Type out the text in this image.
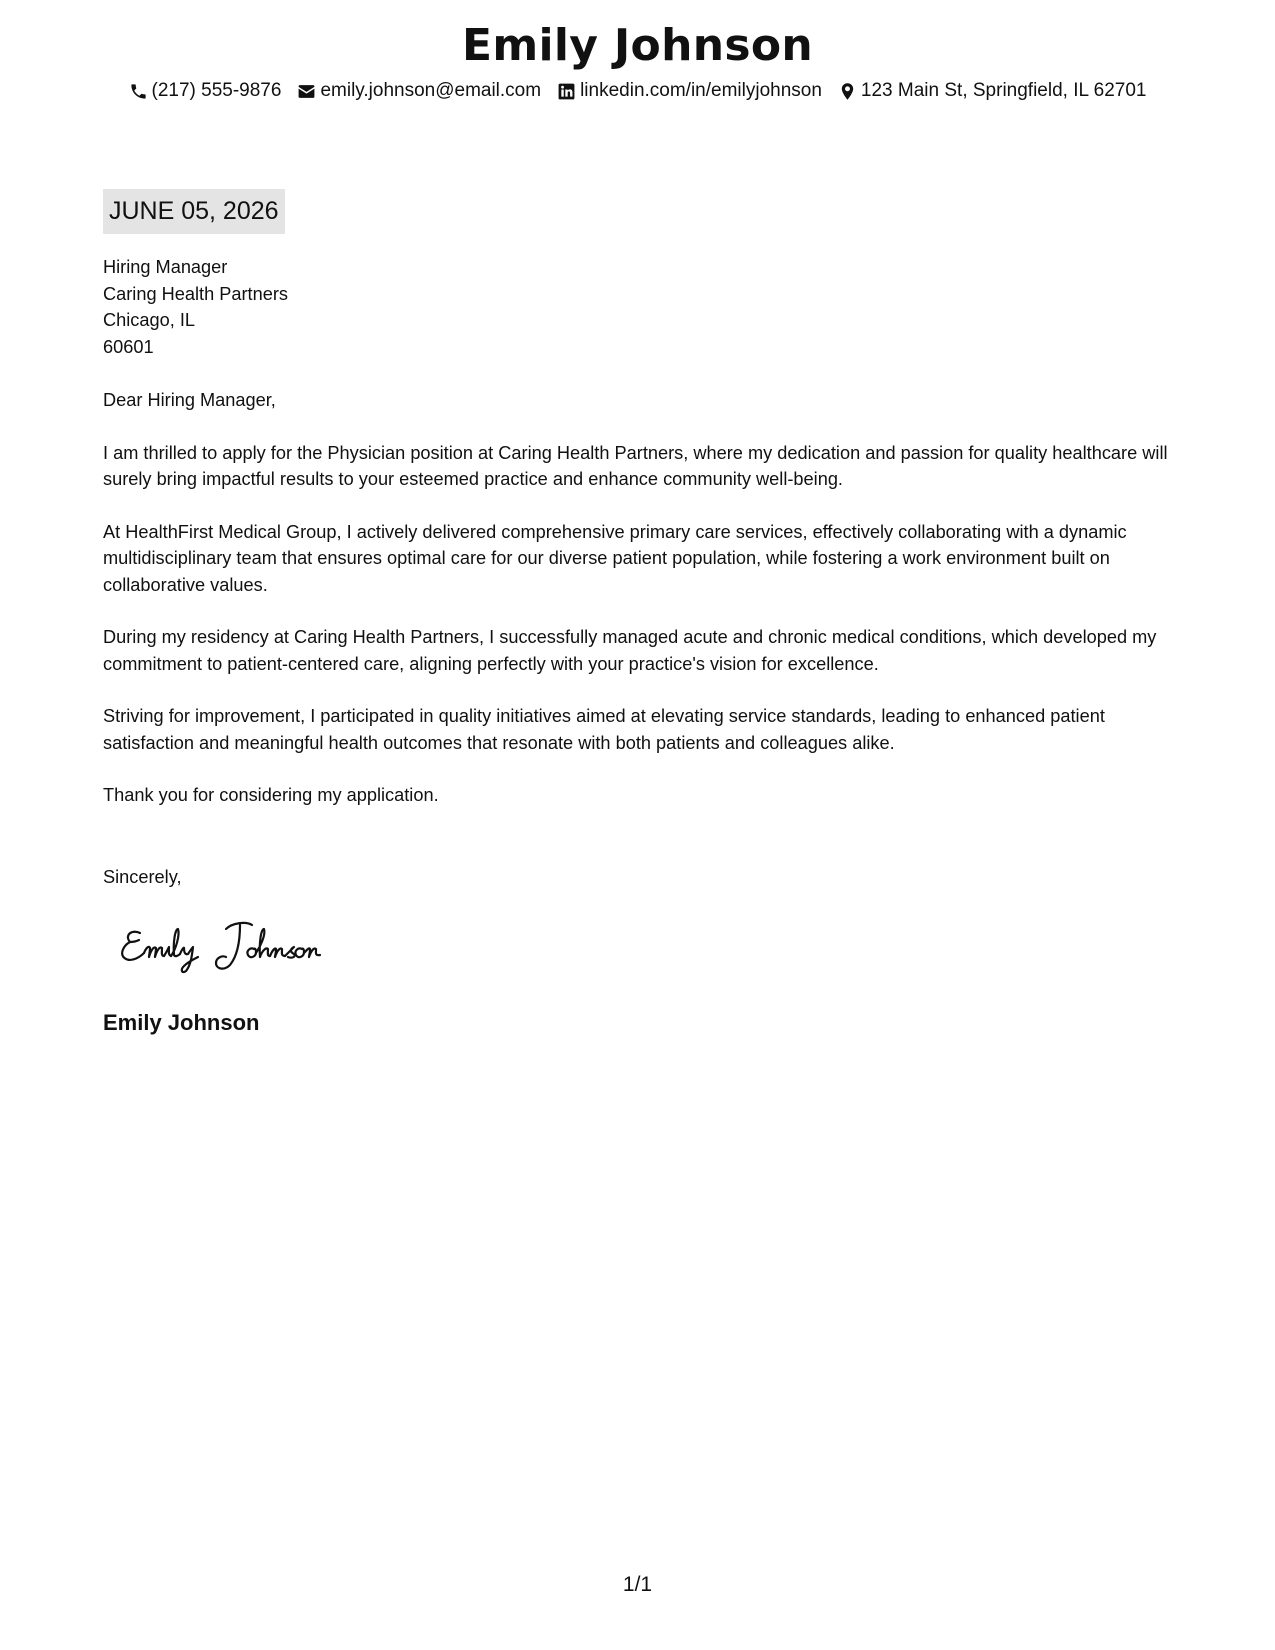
Emily Johnson
(217) 555-9876 emily.johnson@email.com linkedin.com/in/emilyjohnson 123 Main St, Springfield, IL 62701
JUNE 05, 2026
Hiring Manager
Caring Health Partners
Chicago, IL
60601
Dear Hiring Manager,
I am thrilled to apply for the Physician position at Caring Health Partners, where my dedication and passion for quality healthcare will surely bring impactful results to your esteemed practice and enhance community well-being.
At HealthFirst Medical Group, I actively delivered comprehensive primary care services, effectively collaborating with a dynamic multidisciplinary team that ensures optimal care for our diverse patient population, while fostering a work environment built on collaborative values.
During my residency at Caring Health Partners, I successfully managed acute and chronic medical conditions, which developed my commitment to patient-centered care, aligning perfectly with your practice's vision for excellence.
Striving for improvement, I participated in quality initiatives aimed at elevating service standards, leading to enhanced patient satisfaction and meaningful health outcomes that resonate with both patients and colleagues alike.
Thank you for considering my application.
Sincerely,
Emily Johnson
1/1
